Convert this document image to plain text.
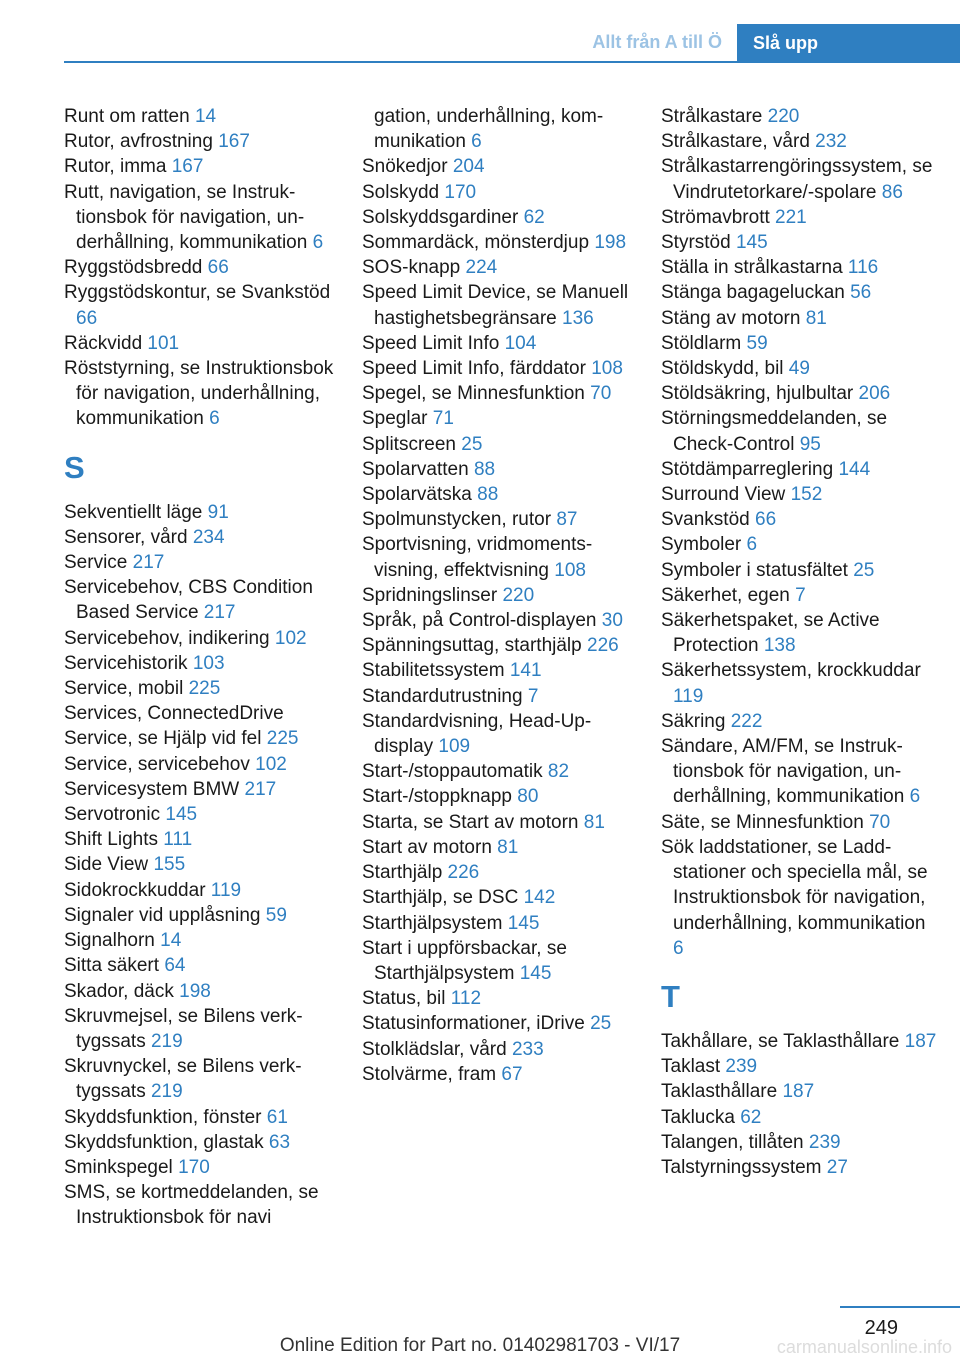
Allt från A till Ö	Slå upp
Runt om ratten 14
Rutor, avfrostning 167
Rutor, imma 167
Rutt, navigation, se Instruktionsbok för navigation, underhållning, kommunikation 6
Ryggstödsbredd 66
Ryggstödskontur, se Svankstöd 66
Räckvidd 101
Röststyrning, se Instruktionsbok för navigation, underhållning, kommunikation 6
S
Sekventiellt läge 91
Sensorer, vård 234
Service 217
Servicebehov, CBS Condition Based Service 217
Servicebehov, indikering 102
Servicehistorik 103
Service, mobil 225
Services, ConnectedDrive
Service, se Hjälp vid fel 225
Service, servicebehov 102
Servicesystem BMW 217
Servotronic 145
Shift Lights 111
Side View 155
Sidokrockkuddar 119
Signaler vid upplåsning 59
Signalhorn 14
Sitta säkert 64
Skador, däck 198
Skruvmejsel, se Bilens verktygssats 219
Skruvnyckel, se Bilens verktygssats 219
Skyddsfunktion, fönster 61
Skyddsfunktion, glastak 63
Sminkspegel 170
SMS, se kortmeddelanden, se Instruktionsbok för navi
gation, underhållning, kommunikation 6
Snökedjor 204
Solskydd 170
Solskyddsgardiner 62
Sommardäck, mönsterdjup 198
SOS-knapp 224
Speed Limit Device, se Manuell hastighetsbegränsare 136
Speed Limit Info 104
Speed Limit Info, färddator 108
Spegel, se Minnesfunktion 70
Speglar 71
Splitscreen 25
Spolarvatten 88
Spolarvätska 88
Spolmunstycken, rutor 87
Sportvisning, vridmomentsvisning, effektvisning 108
Spridningslinser 220
Språk, på Control-displayen 30
Spänningsuttag, starthjälp 226
Stabilitetssystem 141
Standardutrustning 7
Standardvisning, Head-Up-display 109
Start-/stoppautomatik 82
Start-/stoppknapp 80
Starta, se Start av motorn 81
Start av motorn 81
Starthjälp 226
Starthjälp, se DSC 142
Starthjälpsystem 145
Start i uppförsbackar, se Starthjälpsystem 145
Status, bil 112
Statusinformationer, iDrive 25
Stolklädslar, vård 233
Stolvärme, fram 67
Strålkastare 220
Strålkastare, vård 232
Strålkastarrengöringssystem, se Vindrutetorkare/-spolare 86
Strömavbrott 221
Styrstöd 145
Ställa in strålkastarna 116
Stänga bagageluckan 56
Stäng av motorn 81
Stöldlarm 59
Stöldskydd, bil 49
Stöldsäkring, hjulbultar 206
Störningsmeddelanden, se Check-Control 95
Stötdämparreglering 144
Surround View 152
Svankstöd 66
Symboler 6
Symboler i statusfältet 25
Säkerhet, egen 7
Säkerhetspaket, se Active Protection 138
Säkerhetssystem, krockkuddar 119
Säkring 222
Sändare, AM/FM, se Instruktionsbok för navigation, underhållning, kommunikation 6
Säte, se Minnesfunktion 70
Sök laddstationer, se Laddstationer och speciella mål, se Instruktionsbok för navigation, underhållning, kommunikation 6
T
Takhållare, se Taklasthållare 187
Taklast 239
Taklasthållare 187
Taklucka 62
Talangen, tillåten 239
Talstyrningssystem 27
249
Online Edition for Part no. 01402981703 - VI/17	carmanualsonline.info
